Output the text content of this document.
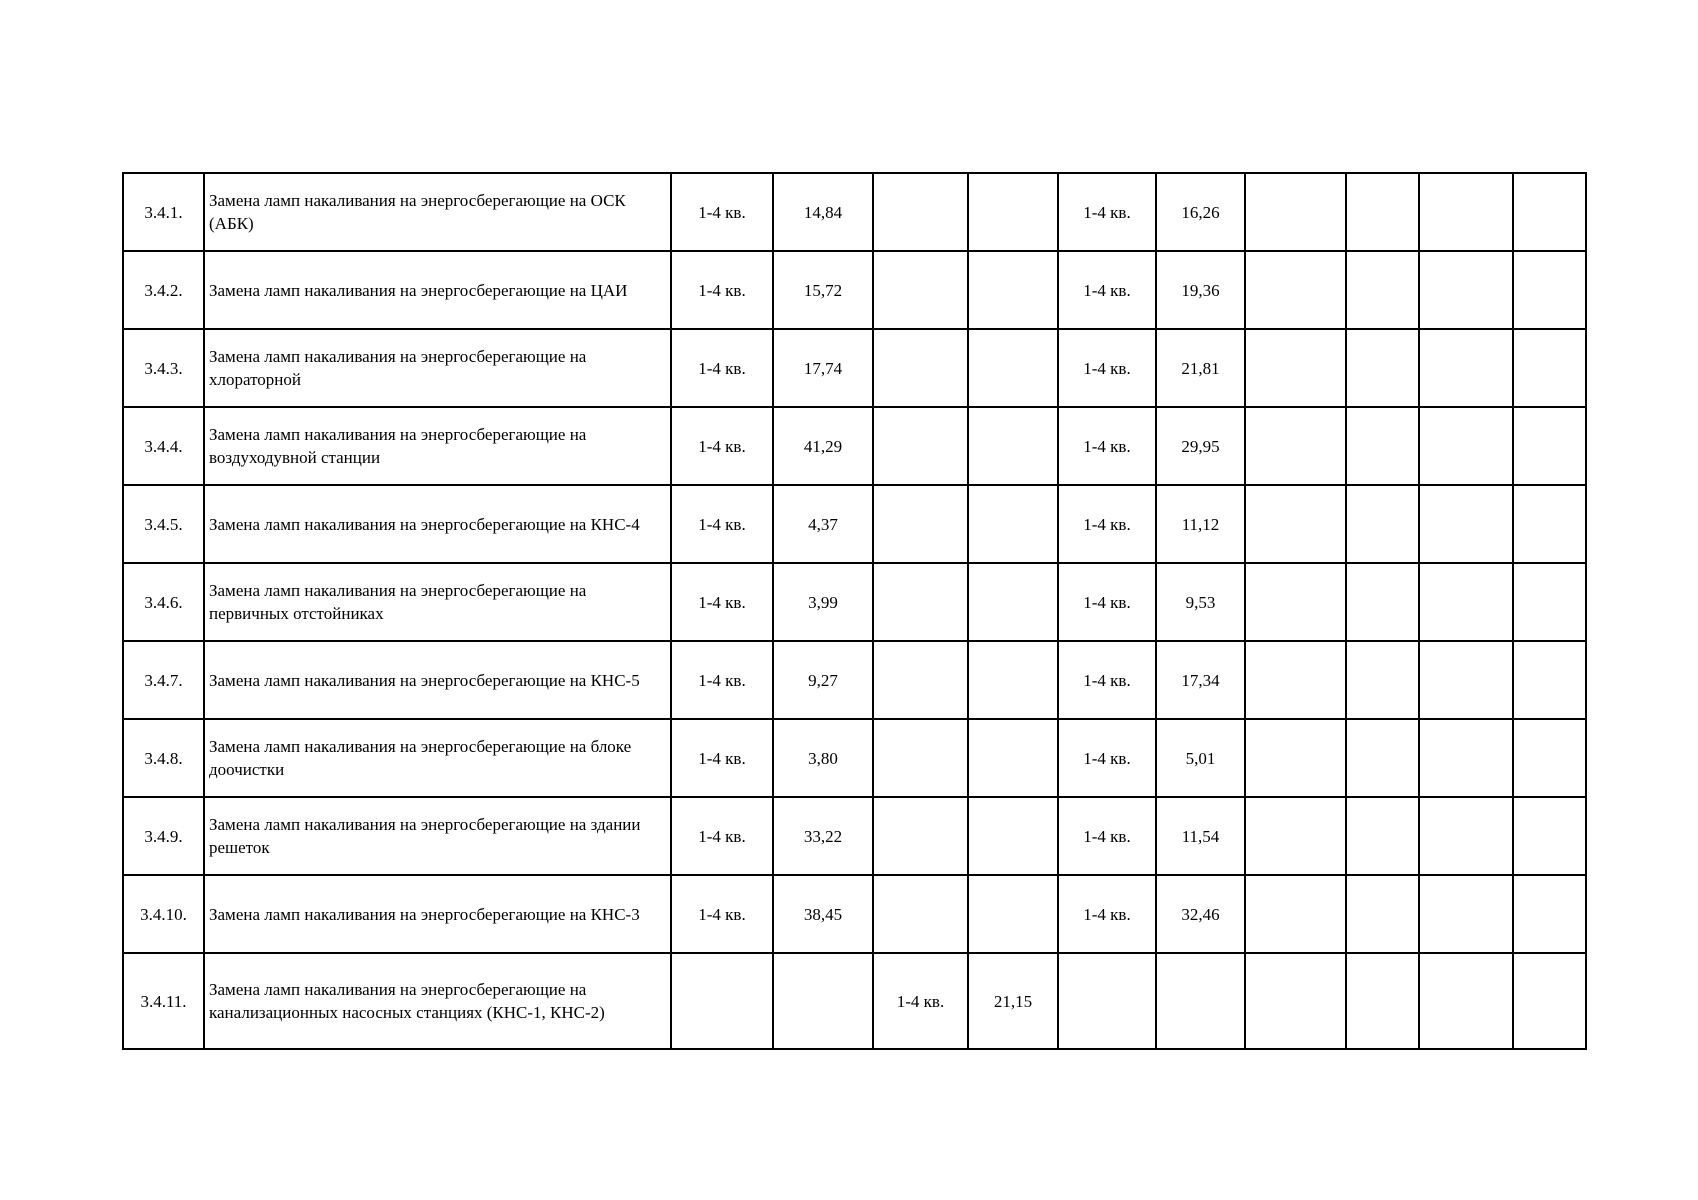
3.4.1.	Замена ламп накаливания на энергосберегающие на ОСК (АБК)	1-4 кв.	14,84			1-4 кв.	16,26				
3.4.2.	Замена ламп накаливания на энергосберегающие на ЦАИ	1-4 кв.	15,72			1-4 кв.	19,36				
3.4.3.	Замена ламп накаливания на энергосберегающие на хлораторной	1-4 кв.	17,74			1-4 кв.	21,81				
3.4.4.	Замена ламп накаливания на энергосберегающие на воздуходувной станции	1-4 кв.	41,29			1-4 кв.	29,95				
3.4.5.	Замена ламп накаливания на энергосберегающие на КНС-4	1-4 кв.	4,37			1-4 кв.	11,12				
3.4.6.	Замена ламп накаливания на энергосберегающие на первичных отстойниках	1-4 кв.	3,99			1-4 кв.	9,53				
3.4.7.	Замена ламп накаливания на энергосберегающие на КНС-5	1-4 кв.	9,27			1-4 кв.	17,34				
3.4.8.	Замена ламп накаливания на энергосберегающие на блоке доочистки	1-4 кв.	3,80			1-4 кв.	5,01				
3.4.9.	Замена ламп накаливания на энергосберегающие на здании решеток	1-4 кв.	33,22			1-4 кв.	11,54				
3.4.10.	Замена ламп накаливания на энергосберегающие на КНС-3	1-4 кв.	38,45			1-4 кв.	32,46				
3.4.11.	Замена ламп накаливания на энергосберегающие на канализационных насосных станциях (КНС-1, КНС-2)			1-4 кв.	21,15						
